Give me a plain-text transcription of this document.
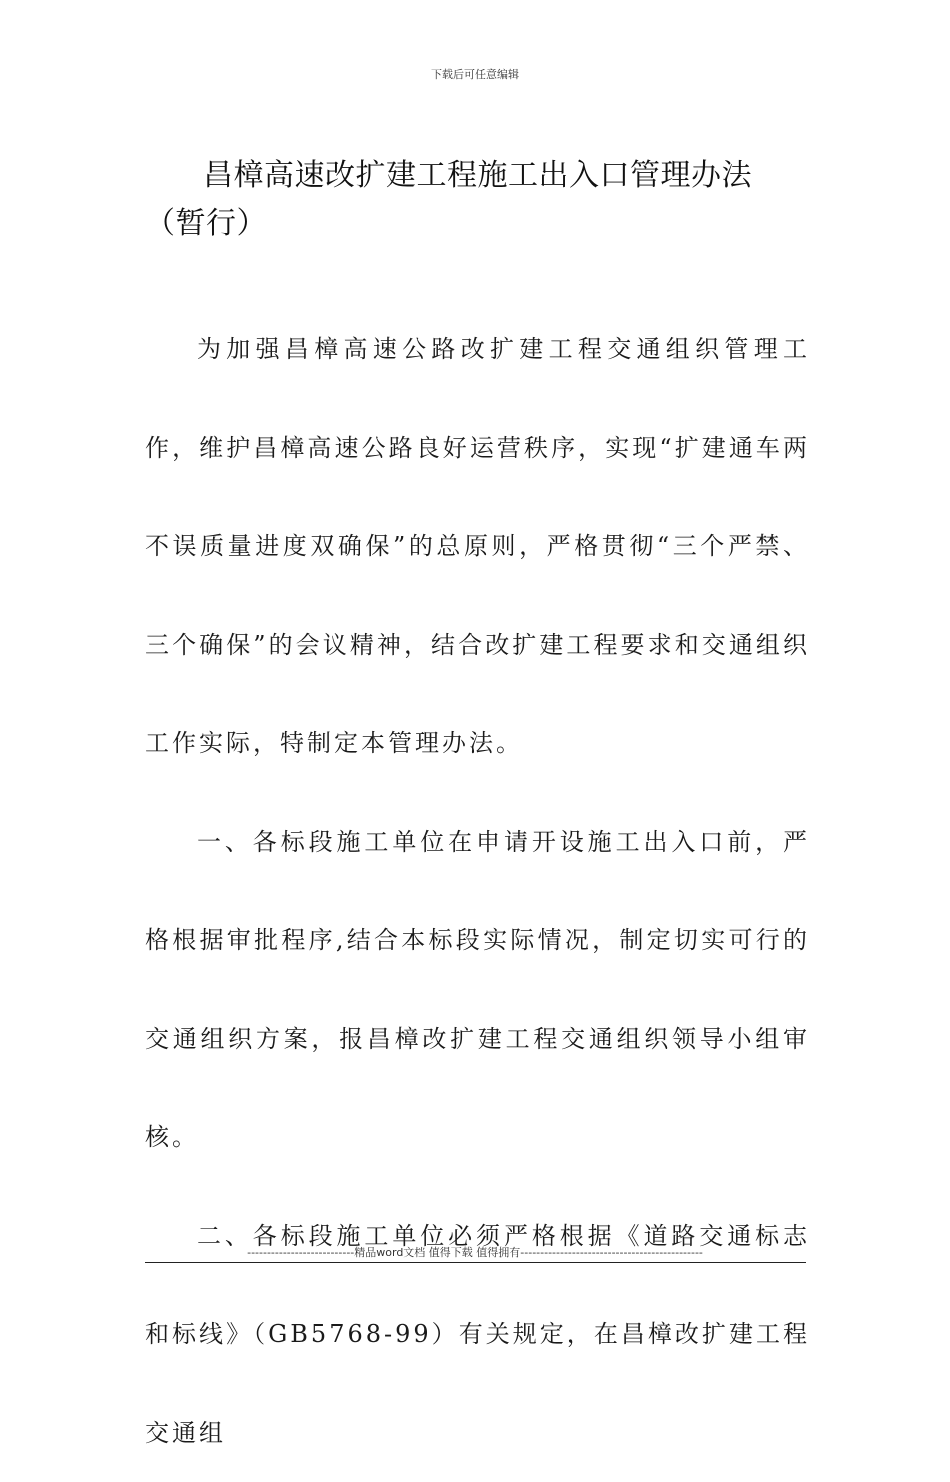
下载后可任意编辑
昌樟高速改扩建工程施工出入口管理办法（暂行）

为加强昌樟高速公路改扩建工程交通组织管理工作，维护昌樟高速公路良好运营秩序，实现“扩建通车两不误质量进度双确保”的总原则，严格贯彻“三个严禁、三个确保”的会议精神，结合改扩建工程要求和交通组织工作实际，特制定本管理办法。

一、各标段施工单位在申请开设施工出入口前，严格根据审批程序,结合本标段实际情况，制定切实可行的交通组织方案，报昌樟改扩建工程交通组织领导小组审核。

二、各标段施工单位必须严格根据《道路交通标志和标线》（GB5768-99）有关规定，在昌樟改扩建工程交通组

---------------------------精品word文档 值得下载 值得拥有----------------------------------------------
